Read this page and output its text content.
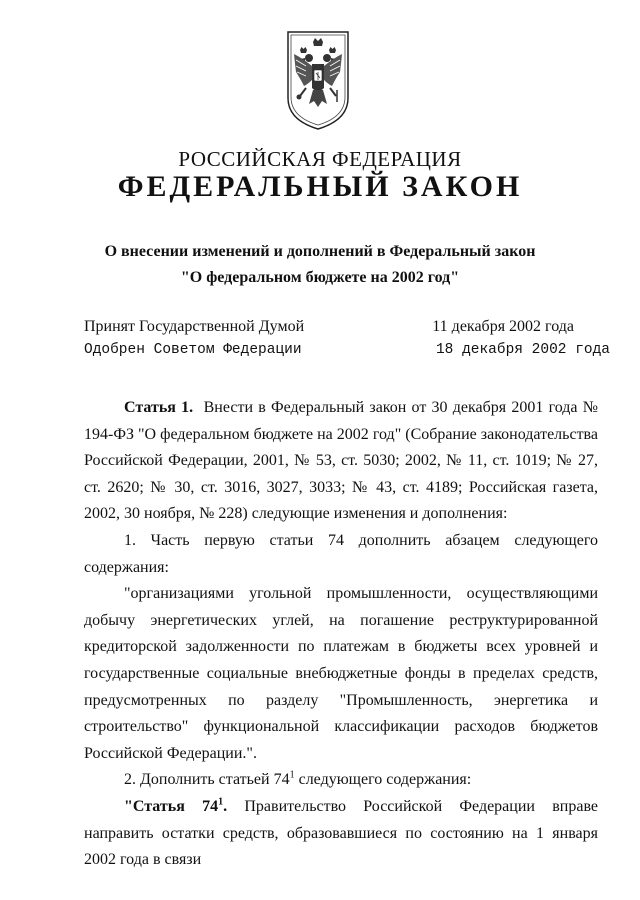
РОССИЙСКАЯ ФЕДЕРАЦИЯ
ФЕДЕРАЛЬНЫЙ ЗАКОН
О внесении изменений и дополнений в Федеральный закон
"О федеральном бюджете на 2002 год"
Принят Государственной Думой	11 декабря 2002 года
Одобрен Советом Федерации	18 декабря 2002 года

Статья 1. Внести в Федеральный закон от 30 декабря 2001 года № 194-ФЗ "О федеральном бюджете на 2002 год" (Собрание законодательства Российской Федерации, 2001, № 53, ст. 5030; 2002, № 11, ст. 1019; № 27, ст. 2620; № 30, ст. 3016, 3027, 3033; № 43, ст. 4189; Российская газета, 2002, 30 ноября, № 228) следующие изменения и дополнения:

1. Часть первую статьи 74 дополнить абзацем следующего содержания:

"организациями угольной промышленности, осуществляющими добычу энергетических углей, на погашение реструктурированной кредиторской задолженности по платежам в бюджеты всех уровней и государственные социальные внебюджетные фонды в пределах средств, предусмотренных по разделу "Промышленность, энергетика и строительство" функциональной классификации расходов бюджетов Российской Федерации.".

2. Дополнить статьей $74^1$ следующего содержания:

"Статья $74^1$. Правительство Российской Федерации вправе направить остатки средств, образовавшиеся по состоянию на 1 января 2002 года в связи
